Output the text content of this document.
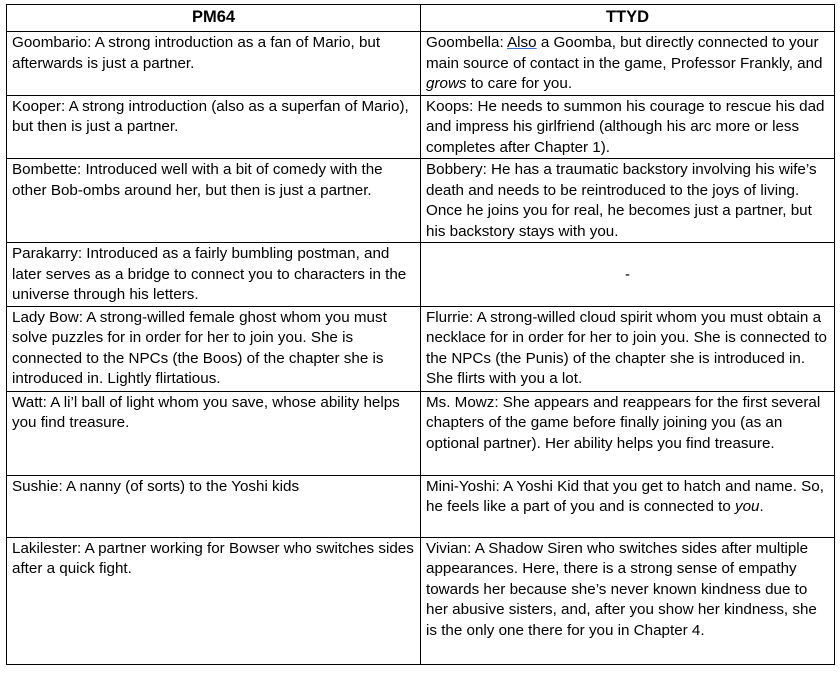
PM64	TTYD
Goombario: A strong introduction as a fan of Mario, but afterwards is just a partner.	Goombella: Also a Goomba, but directly connected to your main source of contact in the game, Professor Frankly, and grows to care for you.
Kooper: A strong introduction (also as a superfan of Mario), but then is just a partner.	Koops: He needs to summon his courage to rescue his dad and impress his girlfriend (although his arc more or less completes after Chapter 1).
Bombette: Introduced well with a bit of comedy with the other Bob-ombs around her, but then is just a partner.	Bobbery: He has a traumatic backstory involving his wife’s death and needs to be reintroduced to the joys of living. Once he joins you for real, he becomes just a partner, but his backstory stays with you.
Parakarry: Introduced as a fairly bumbling postman, and later serves as a bridge to connect you to characters in the universe through his letters.	-
Lady Bow: A strong-willed female ghost whom you must solve puzzles for in order for her to join you. She is connected to the NPCs (the Boos) of the chapter she is introduced in. Lightly flirtatious.	Flurrie: A strong-willed cloud spirit whom you must obtain a necklace for in order for her to join you. She is connected to the NPCs (the Punis) of the chapter she is introduced in. She flirts with you a lot.
Watt: A li’l ball of light whom you save, whose ability helps you find treasure.	Ms. Mowz: She appears and reappears for the first several chapters of the game before finally joining you (as an optional partner). Her ability helps you find treasure.
Sushie: A nanny (of sorts) to the Yoshi kids	Mini-Yoshi: A Yoshi Kid that you get to hatch and name. So, he feels like a part of you and is connected to you.
Lakilester: A partner working for Bowser who switches sides after a quick fight.	Vivian: A Shadow Siren who switches sides after multiple appearances. Here, there is a strong sense of empathy towards her because she’s never known kindness due to her abusive sisters, and, after you show her kindness, she is the only one there for you in Chapter 4.
